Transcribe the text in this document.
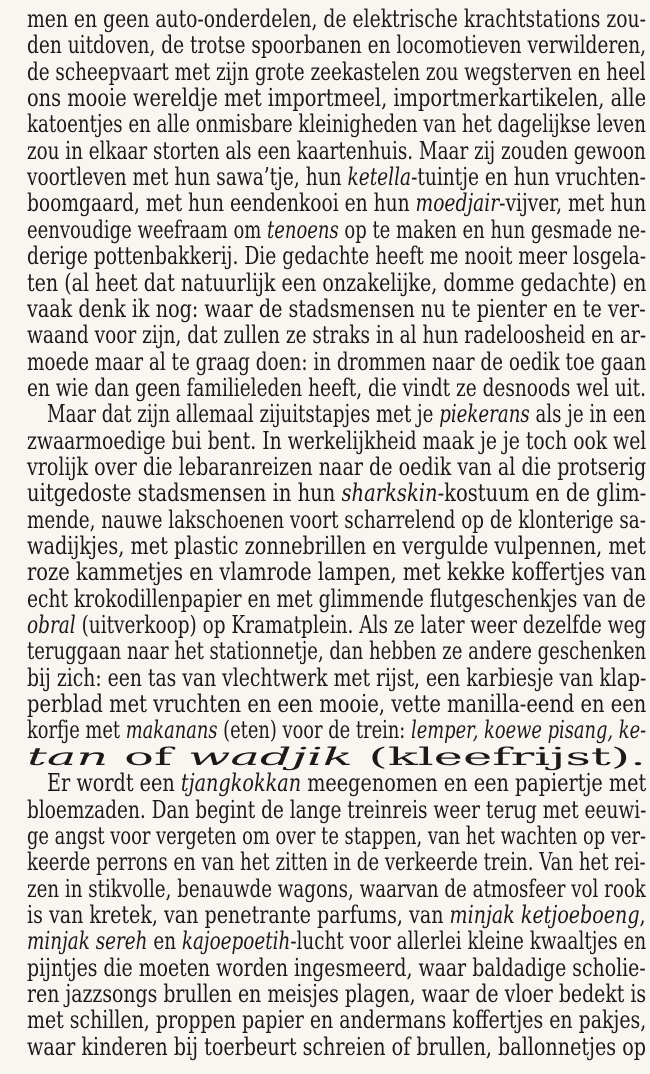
men en geen auto-onderdelen, de elektrische krachtstations zou-
den uitdoven, de trotse spoorbanen en locomotieven verwilderen,
de scheepvaart met zijn grote zeekastelen zou wegsterven en heel
ons mooie wereldje met importmeel, importmerkartikelen, alle
katoentjes en alle onmisbare kleinigheden van het dagelijkse leven
zou in elkaar storten als een kaartenhuis. Maar zij zouden gewoon
voortleven met hun sawa’tje, hun ketella-tuintje en hun vruchten-
boomgaard, met hun eendenkooi en hun moedjair-vijver, met hun
eenvoudige weefraam om tenoens op te maken en hun gesmade ne-
derige pottenbakkerij. Die gedachte heeft me nooit meer losgela-
ten (al heet dat natuurlijk een onzakelijke, domme gedachte) en
vaak denk ik nog: waar de stadsmensen nu te pienter en te ver-
waand voor zijn, dat zullen ze straks in al hun radeloosheid en ar-
moede maar al te graag doen: in drommen naar de oedik toe gaan
en wie dan geen familieleden heeft, die vindt ze desnoods wel uit.
Maar dat zijn allemaal zijuitstapjes met je piekerans als je in een
zwaarmoedige bui bent. In werkelijkheid maak je je toch ook wel
vrolijk over die lebaranreizen naar de oedik van al die protserig
uitgedoste stadsmensen in hun sharkskin-kostuum en de glim-
mende, nauwe lakschoenen voort scharrelend op de klonterige sa-
wadijkjes, met plastic zonnebrillen en vergulde vulpennen, met
roze kammetjes en vlamrode lampen, met kekke koffertjes van
echt krokodillenpapier en met glimmende flutgeschenkjes van de
obral (uitverkoop) op Kramatplein. Als ze later weer dezelfde weg
teruggaan naar het stationnetje, dan hebben ze andere geschenken
bij zich: een tas van vlechtwerk met rijst, een karbiesje van klap-
perblad met vruchten en een mooie, vette manilla-eend en een
korfje met makanans (eten) voor de trein: lemper, koewe pisang, ke-
tan of wadjik (kleefrijst).
Er wordt een tjangkokkan meegenomen en een papiertje met
bloemzaden. Dan begint de lange treinreis weer terug met eeuwi-
ge angst voor vergeten om over te stappen, van het wachten op ver-
keerde perrons en van het zitten in de verkeerde trein. Van het rei-
zen in stikvolle, benauwde wagons, waarvan de atmosfeer vol rook
is van kretek, van penetrante parfums, van minjak ketjoeboeng,
minjak sereh en kajoepoetih-lucht voor allerlei kleine kwaaltjes en
pijntjes die moeten worden ingesmeerd, waar baldadige scholie-
ren jazzsongs brullen en meisjes plagen, waar de vloer bedekt is
met schillen, proppen papier en andermans koffertjes en pakjes,
waar kinderen bij toerbeurt schreien of brullen, ballonnetjes op
